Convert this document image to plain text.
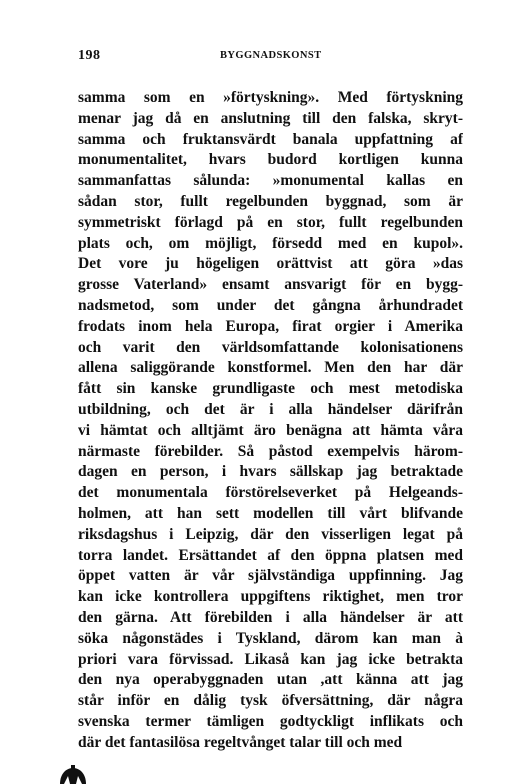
198	BYGGNADSKONST
samma som en »förtyskning». Med förtyskning
menar jag då en anslutning till den falska, skryt-
samma och fruktansvärdt banala uppfattning af
monumentalitet, hvars budord kortligen kunna
sammanfattas sålunda: »monumental kallas en
sådan stor, fullt regelbunden byggnad, som är
symmetriskt förlagd på en stor, fullt regelbunden
plats och, om möjligt, försedd med en kupol».
Det vore ju högeligen orättvist att göra »das
grosse Vaterland» ensamt ansvarigt för en bygg-
nadsmetod, som under det gångna århundradet
frodats inom hela Europa, firat orgier i Amerika
och varit den världsomfattande kolonisationens
allena saliggörande konstformel. Men den har där
fått sin kanske grundligaste och mest metodiska
utbildning, och det är i alla händelser därifrån
vi hämtat och alltjämt äro benägna att hämta våra
närmaste förebilder. Så påstod exempelvis härom-
dagen en person, i hvars sällskap jag betraktade
det monumentala förstörelseverket på Helgeands-
holmen, att han sett modellen till vårt blifvande
riksdagshus i Leipzig, där den visserligen legat på
torra landet. Ersättandet af den öppna platsen med
öppet vatten är vår självständiga uppfinning. Jag
kan icke kontrollera uppgiftens riktighet, men tror
den gärna. Att förebilden i alla händelser är att
söka någonstädes i Tyskland, därom kan man à
priori vara förvissad. Likaså kan jag icke betrakta
den nya operabyggnaden utan ,att känna att jag
står inför en dålig tysk öfversättning, där några
svenska termer tämligen godtyckligt inflikats och
där det fantasilösa regeltvånget talar till och med
